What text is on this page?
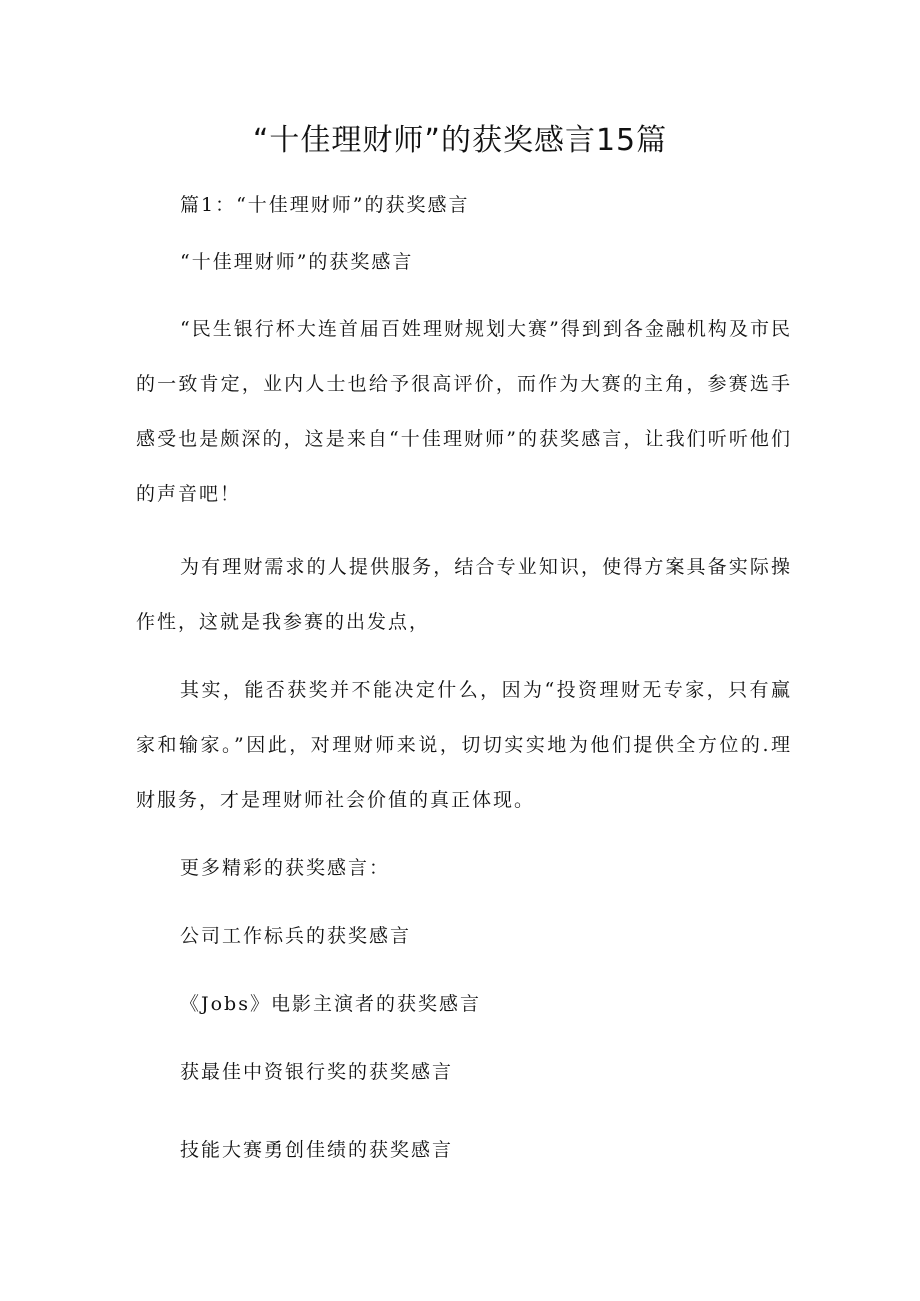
“十佳理财师”的获奖感言15篇
篇1：“十佳理财师”的获奖感言
“十佳理财师”的获奖感言
“民生银行杯大连首届百姓理财规划大赛”得到到各金融机构及市民的一致肯定，业内人士也给予很高评价，而作为大赛的主角，参赛选手感受也是颇深的，这是来自“十佳理财师”的获奖感言，让我们听听他们的声音吧！
为有理财需求的人提供服务，结合专业知识，使得方案具备实际操作性，这就是我参赛的出发点，
其实，能否获奖并不能决定什么，因为“投资理财无专家，只有赢家和输家。”因此，对理财师来说，切切实实地为他们提供全方位的.理财服务，才是理财师社会价值的真正体现。
更多精彩的获奖感言：
公司工作标兵的获奖感言
《Jobs》电影主演者的获奖感言
获最佳中资银行奖的获奖感言
技能大赛勇创佳绩的获奖感言
